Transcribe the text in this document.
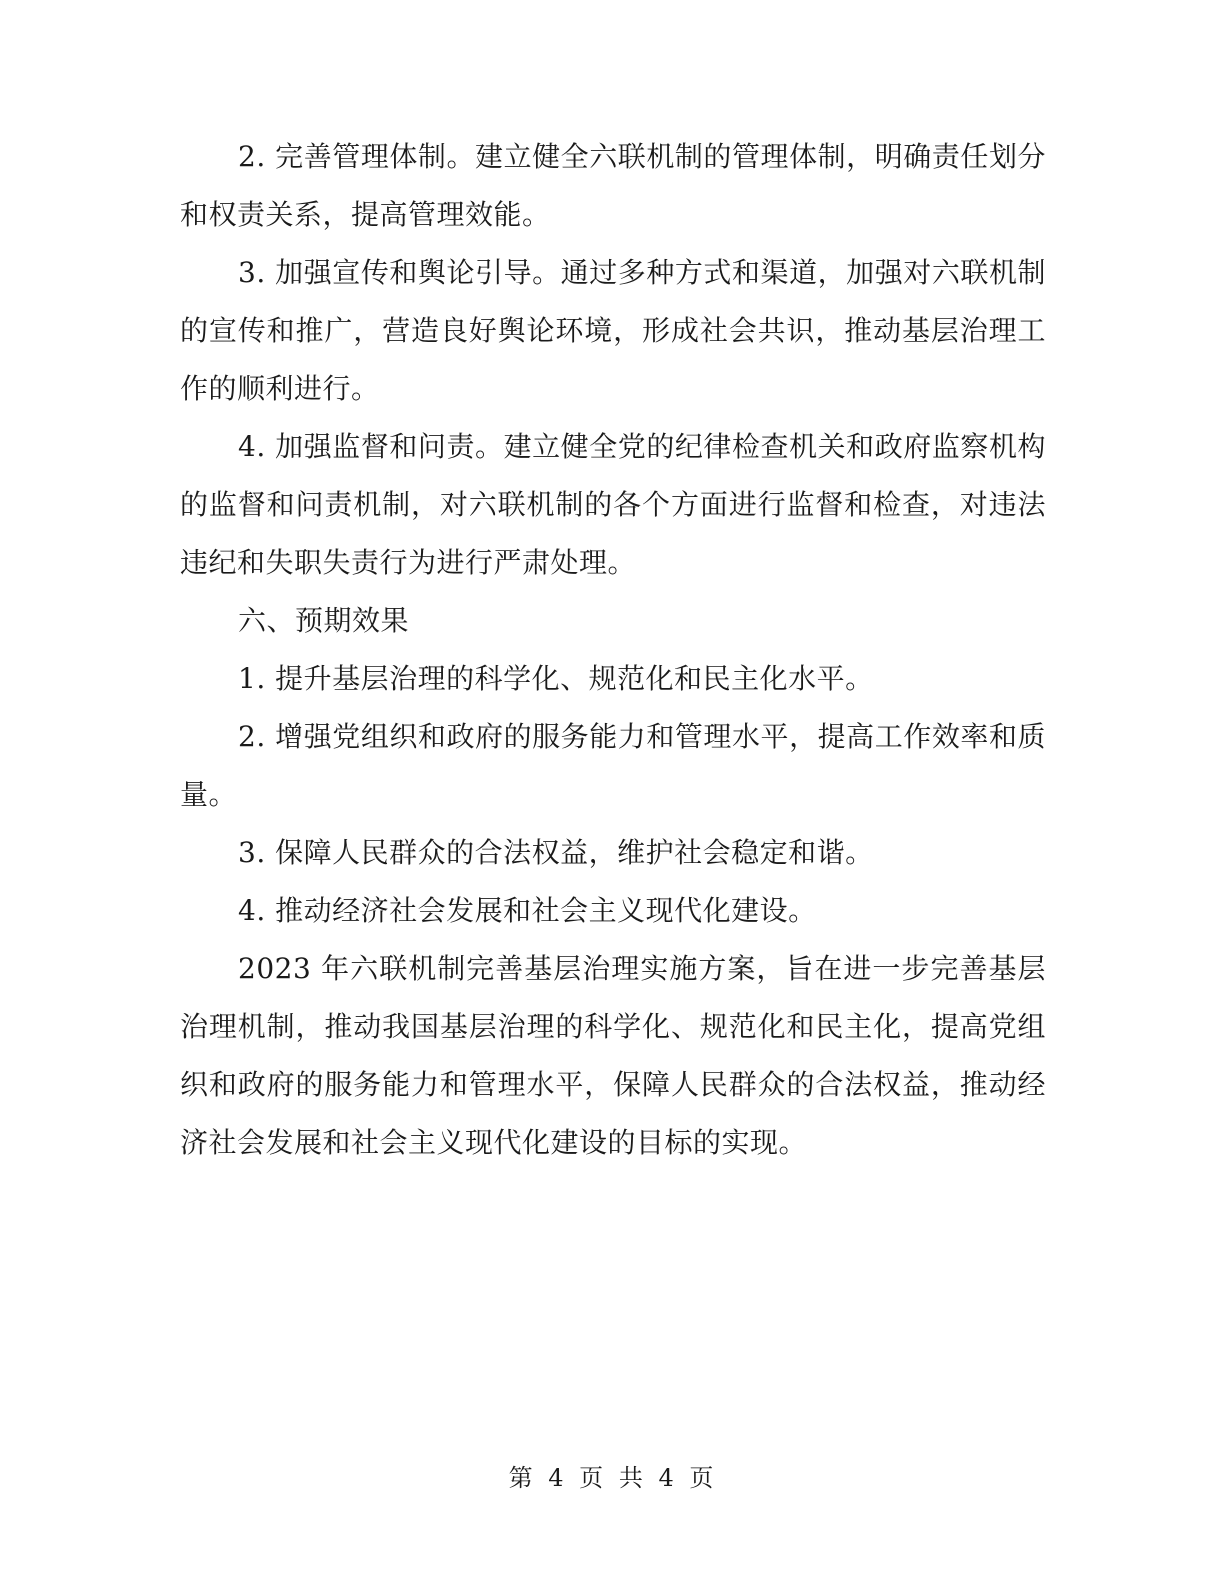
2. 完善管理体制。建立健全六联机制的管理体制，明确责任划分和权责关系，提高管理效能。

3. 加强宣传和舆论引导。通过多种方式和渠道，加强对六联机制的宣传和推广，营造良好舆论环境，形成社会共识，推动基层治理工作的顺利进行。

4. 加强监督和问责。建立健全党的纪律检查机关和政府监察机构的监督和问责机制，对六联机制的各个方面进行监督和检查，对违法违纪和失职失责行为进行严肃处理。

六、预期效果

1. 提升基层治理的科学化、规范化和民主化水平。

2. 增强党组织和政府的服务能力和管理水平，提高工作效率和质量。

3. 保障人民群众的合法权益，维护社会稳定和谐。

4. 推动经济社会发展和社会主义现代化建设。

2023 年六联机制完善基层治理实施方案，旨在进一步完善基层治理机制，推动我国基层治理的科学化、规范化和民主化，提高党组织和政府的服务能力和管理水平，保障人民群众的合法权益，推动经济社会发展和社会主义现代化建设的目标的实现。

第 4 页 共 4 页
